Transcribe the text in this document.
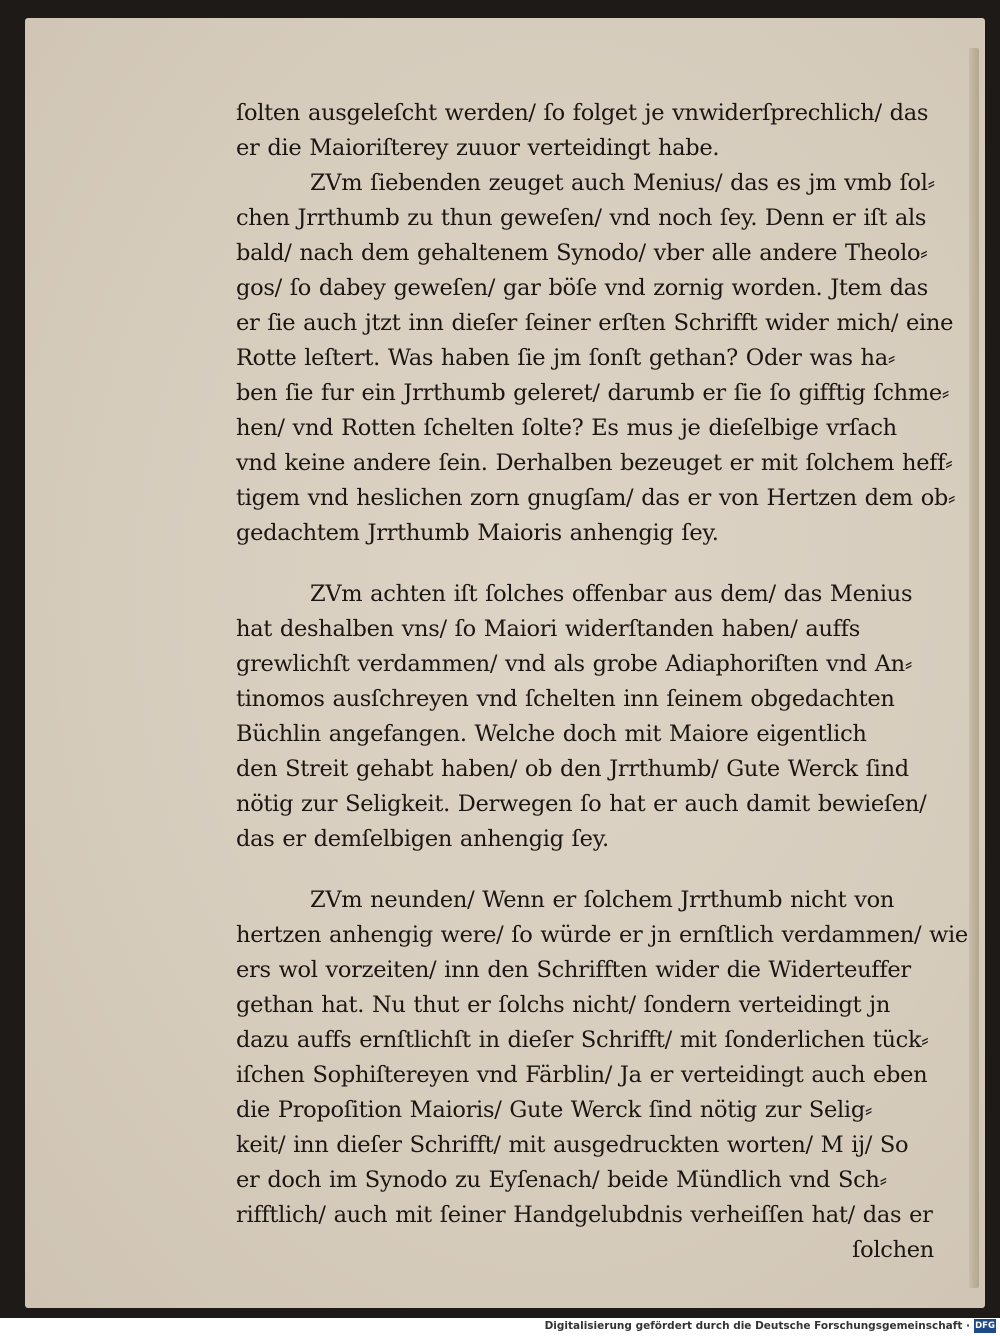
ſolten ausgeleſcht werden/ ſo folget je vnwiderſprechlich/ das
er die Maioriſterey zuuor verteidingt habe.
ZVm ſiebenden zeuget auch Menius/ das es jm vmb ſol⸗
chen Jrrthumb zu thun geweſen/ vnd noch ſey. Denn er iſt als
bald/ nach dem gehaltenem Synodo/ vber alle andere Theolo⸗
gos/ ſo dabey geweſen/ gar böſe vnd zornig worden. Jtem das
er ſie auch jtzt inn dieſer ſeiner erſten Schrifft wider mich/ eine
Rotte leſtert. Was haben ſie jm ſonſt gethan? Oder was ha⸗
ben ſie fur ein Jrrthumb geleret/ darumb er ſie ſo gifftig ſchme⸗
hen/ vnd Rotten ſchelten ſolte? Es mus je dieſelbige vrſach
vnd keine andere ſein. Derhalben bezeuget er mit ſolchem heff⸗
tigem vnd heslichen zorn gnugſam/ das er von Hertzen dem ob⸗
gedachtem Jrrthumb Maioris anhengig ſey.
ZVm achten iſt ſolches offenbar aus dem/ das Menius
hat deshalben vns/ ſo Maiori widerſtanden haben/ auffs
grewlichſt verdammen/ vnd als grobe Adiaphoriſten vnd An⸗
tinomos ausſchreyen vnd ſchelten inn ſeinem obgedachten
Büchlin angefangen. Welche doch mit Maiore eigentlich
den Streit gehabt haben/ ob den Jrrthumb/ Gute Werck ſind
nötig zur Seligkeit. Derwegen ſo hat er auch damit bewieſen/
das er demſelbigen anhengig ſey.
ZVm neunden/ Wenn er ſolchem Jrrthumb nicht von
hertzen anhengig were/ ſo würde er jn ernſtlich verdammen/ wie
ers wol vorzeiten/ inn den Schrifften wider die Widerteuffer
gethan hat. Nu thut er ſolchs nicht/ ſondern verteidingt jn
dazu auffs ernſtlichſt in dieſer Schrifft/ mit ſonderlichen tück⸗
iſchen Sophiſtereyen vnd Färblin/ Ja er verteidingt auch eben
die Propoſition Maioris/ Gute Werck ſind nötig zur Selig⸗
keit/ inn dieſer Schrifft/ mit ausgedruckten worten/ M ij/ So
er doch im Synodo zu Eyſenach/ beide Mündlich vnd Sch⸗
rifftlich/ auch mit ſeiner Handgelubdnis verheiſſen hat/ das er
ſolchen
Digitalisierung gefördert durch die Deutsche Forschungsgemeinschaft · DFG
